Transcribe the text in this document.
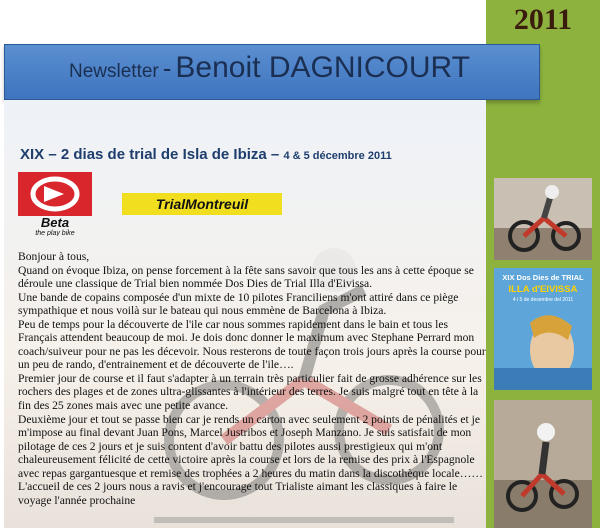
2011
Newsletter - Benoit DAGNICOURT
XIX – 2 dias de trial de Isla de Ibiza – 4 & 5 décembre 2011
Beta
the play bike
TrialMontreuil

Bonjour à tous,

Quand on évoque Ibiza, on pense forcement à la fête sans savoir que tous les ans à cette époque se déroule une classique de Trial bien nommée Dos Dies de Trial Illa d'Eivissa.

Une bande de copains composée d'un mixte de 10 pilotes Franciliens m'ont attiré dans ce piège sympathique et nous voilà sur le bateau qui nous emmène de Barcelona à Ibiza.

Peu de temps pour la découverte de l'ile car nous sommes rapidement dans le bain et tous les Français attendent beaucoup de moi. Je dois donc donner le maximum avec Stephane Perrard mon coach/suiveur pour ne pas les décevoir. Nous resterons de toute façon trois jours après la course pour un peu de rando, d'entrainement et de découverte de l'ile….

Premier jour de course et il faut s'adapter à un terrain très particulier fait de grosse adhérence sur les rochers des plages et de zones ultra-glissantes à l'intérieur des terres. Je suis malgré tout en tête à la fin des 25 zones mais avec une petite avance.

Deuxième jour et tout se passe bien car je rends un carton avec seulement 2 points de pénalités et je m'impose au final devant Juan Pons, Marcel Justribos et Joseph Manzano. Je suis satisfait de mon pilotage de ces 2 jours et je suis content d'avoir battu des pilotes aussi prestigieux qui m'ont chaleureusement félicité de cette victoire après la course et lors de la remise des prix à l'Espagnole avec repas gargantuesque et remise des trophées a 2 heures du matin dans la discothèque locale……

L'accueil de ces 2 jours nous a ravis et j'encourage tout Trialiste aimant les classiques à faire le voyage l'année prochaine

XIX Dos Dies de TRIAL
ILLA d'EIVISSA
4 i 5 de desembre del 2011
